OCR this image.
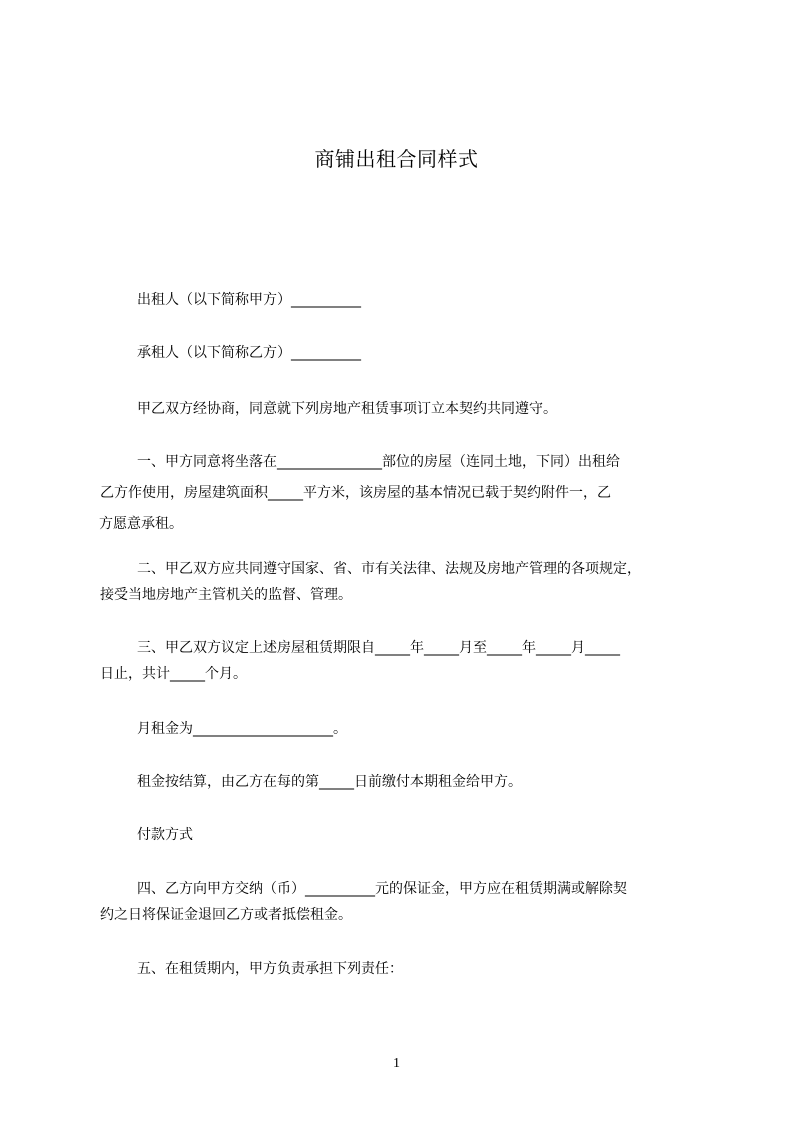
商铺出租合同样式
出租人（以下简称甲方）__________
承租人（以下简称乙方）__________
甲乙双方经协商，同意就下列房地产租赁事项订立本契约共同遵守。
一、甲方同意将坐落在_______________部位的房屋（连同土地，下同）出租给
乙方作使用，房屋建筑面积_____平方米，该房屋的基本情况已载于契约附件一，乙
方愿意承租。
二、甲乙双方应共同遵守国家、省、市有关法律、法规及房地产管理的各项规定，
接受当地房地产主管机关的监督、管理。
三、甲乙双方议定上述房屋租赁期限自_____年_____月至_____年_____月_____
日止，共计_____个月。
月租金为____________________。
租金按结算，由乙方在每的第_____日前缴付本期租金给甲方。
付款方式
四、乙方向甲方交纳（币）__________元的保证金，甲方应在租赁期满或解除契
约之日将保证金退回乙方或者抵偿租金。
五、在租赁期内，甲方负责承担下列责任：
1
